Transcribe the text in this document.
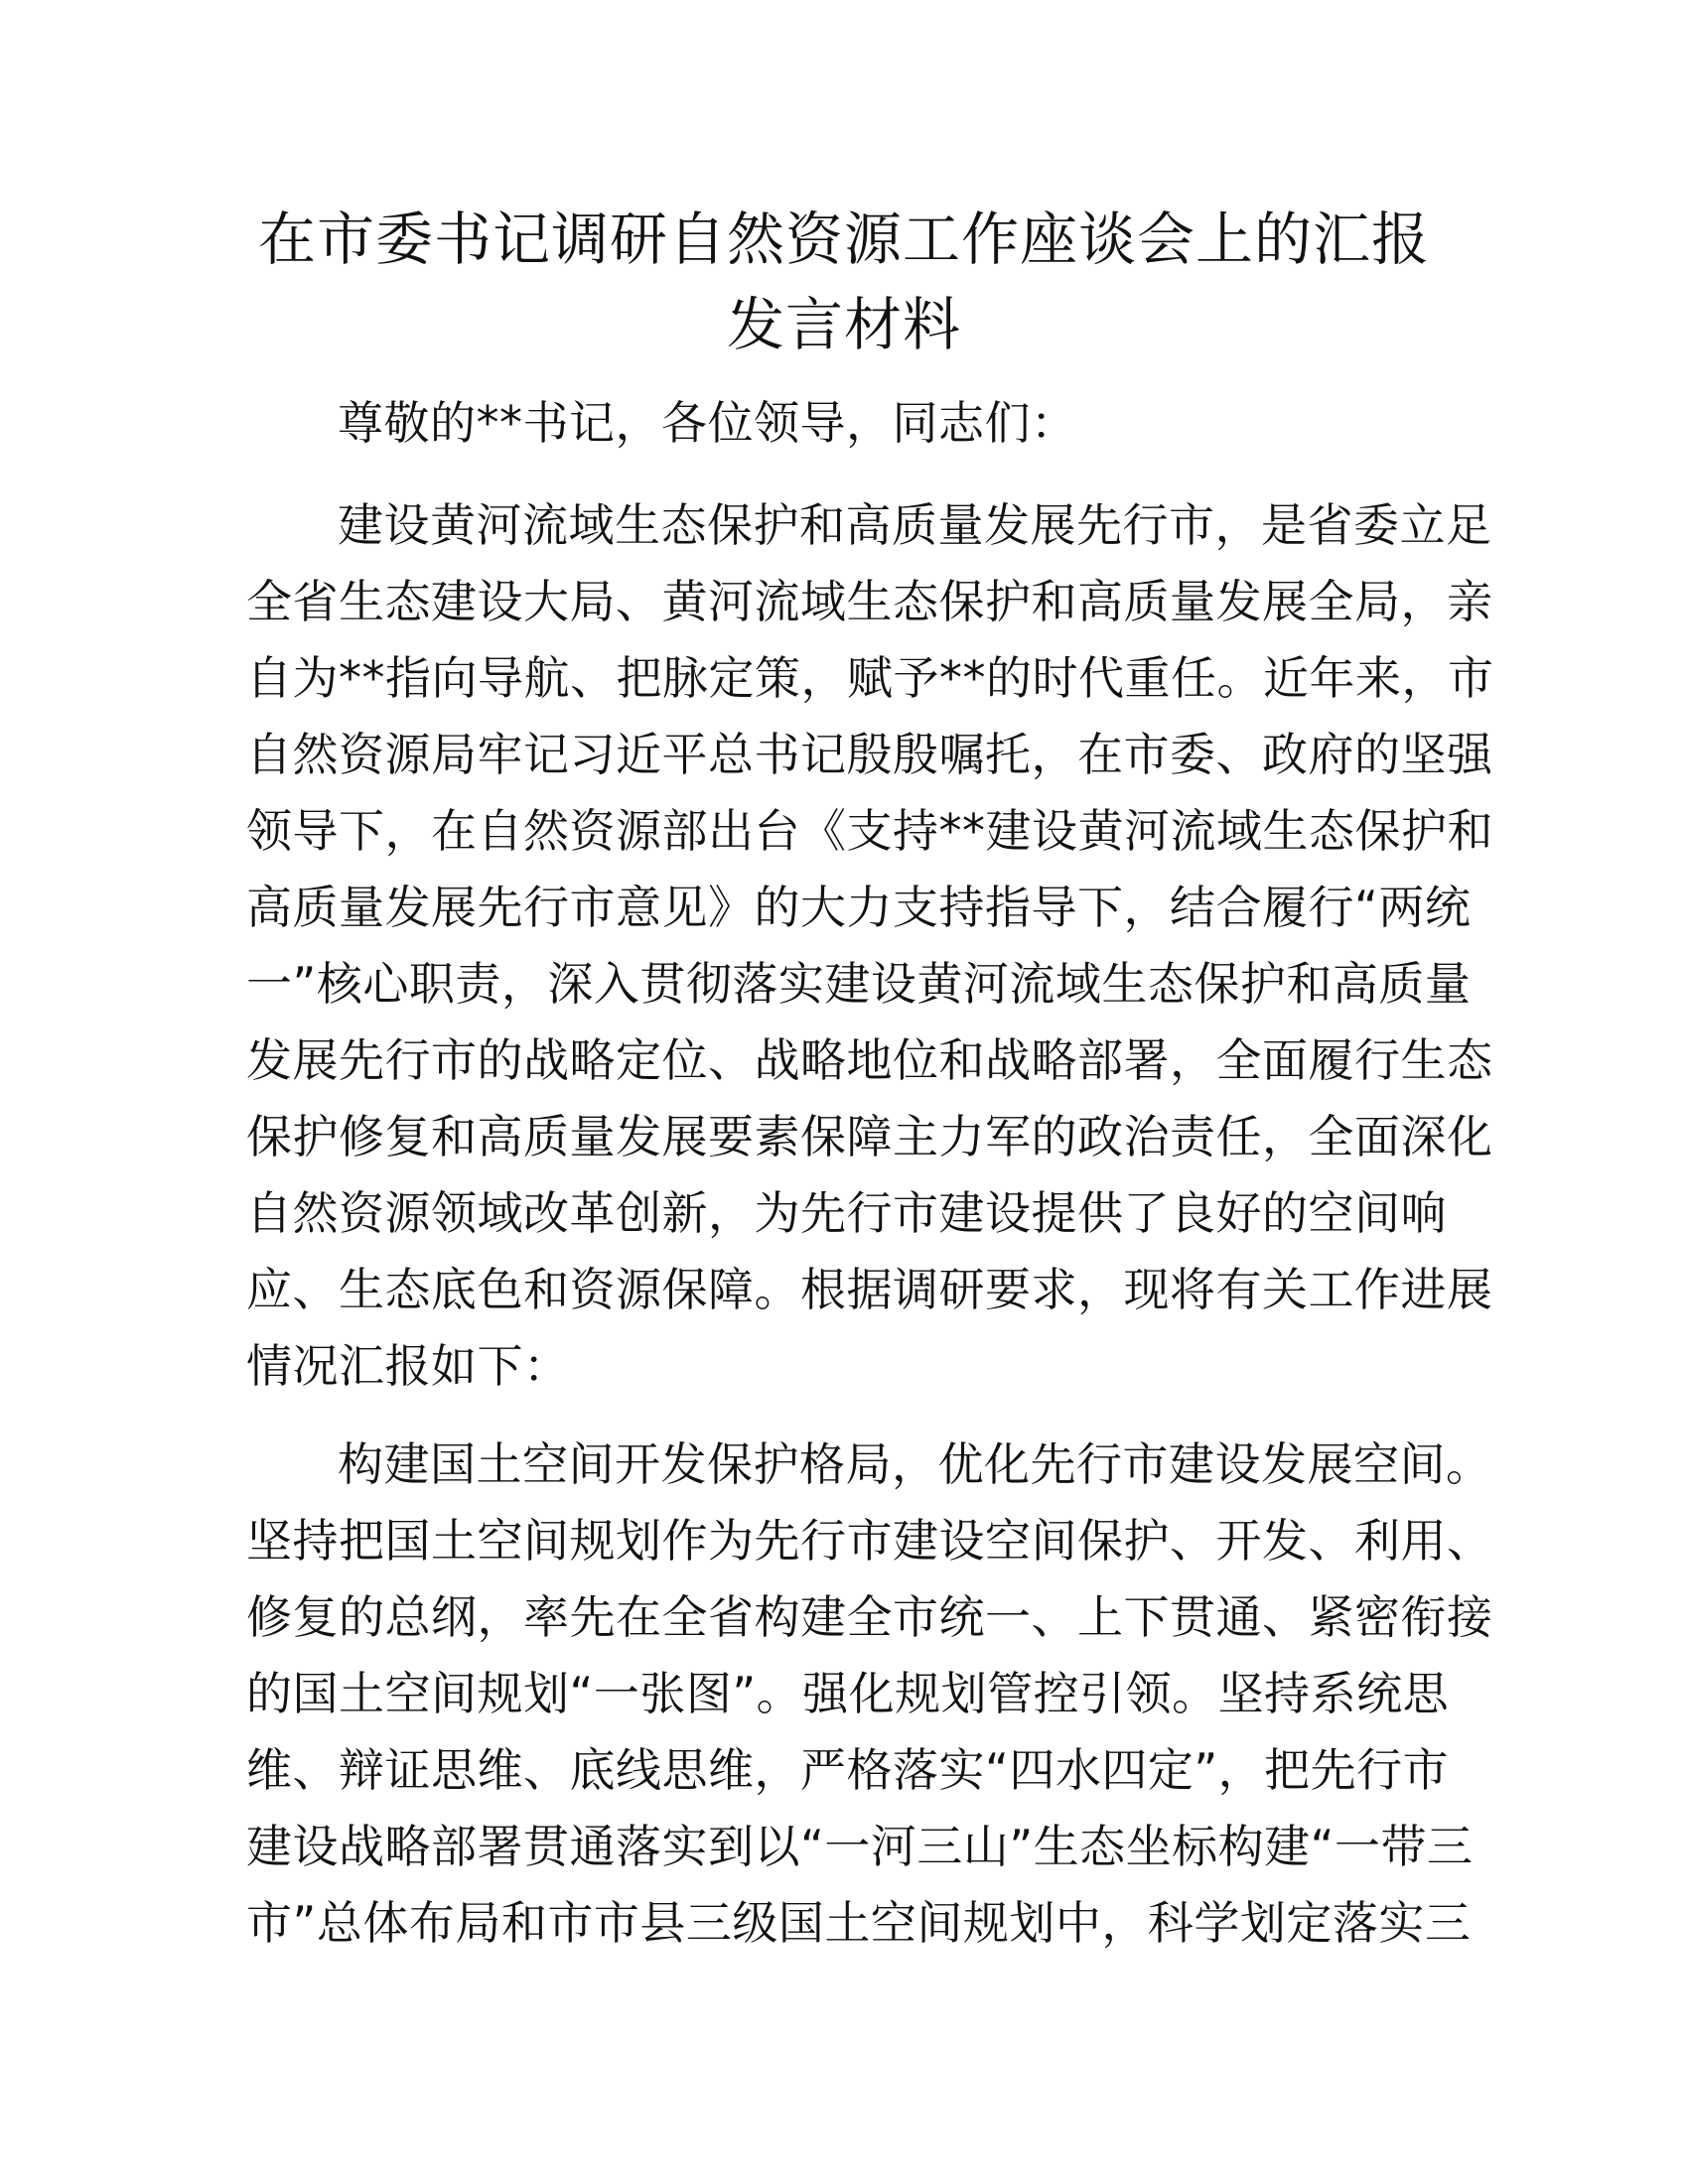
在市委书记调研自然资源工作座谈会上的汇报
发言材料

尊敬的**书记，各位领导，同志们：

建设黄河流域生态保护和高质量发展先行市，是省委立足
全省生态建设大局、黄河流域生态保护和高质量发展全局，亲
自为**指向导航、把脉定策，赋予**的时代重任。近年来，市
自然资源局牢记习近平总书记殷殷嘱托，在市委、政府的坚强
领导下，在自然资源部出台《支持**建设黄河流域生态保护和
高质量发展先行市意见》的大力支持指导下，结合履行“两统
一”核心职责，深入贯彻落实建设黄河流域生态保护和高质量
发展先行市的战略定位、战略地位和战略部署，全面履行生态
保护修复和高质量发展要素保障主力军的政治责任，全面深化
自然资源领域改革创新，为先行市建设提供了良好的空间响
应、生态底色和资源保障。根据调研要求，现将有关工作进展
情况汇报如下：
构建国土空间开发保护格局，优化先行市建设发展空间。
坚持把国土空间规划作为先行市建设空间保护、开发、利用、
修复的总纲，率先在全省构建全市统一、上下贯通、紧密衔接
的国土空间规划“一张图”。强化规划管控引领。坚持系统思
维、辩证思维、底线思维，严格落实“四水四定”，把先行市
建设战略部署贯通落实到以“一河三山”生态坐标构建“一带三
市”总体布局和市市县三级国土空间规划中，科学划定落实三
